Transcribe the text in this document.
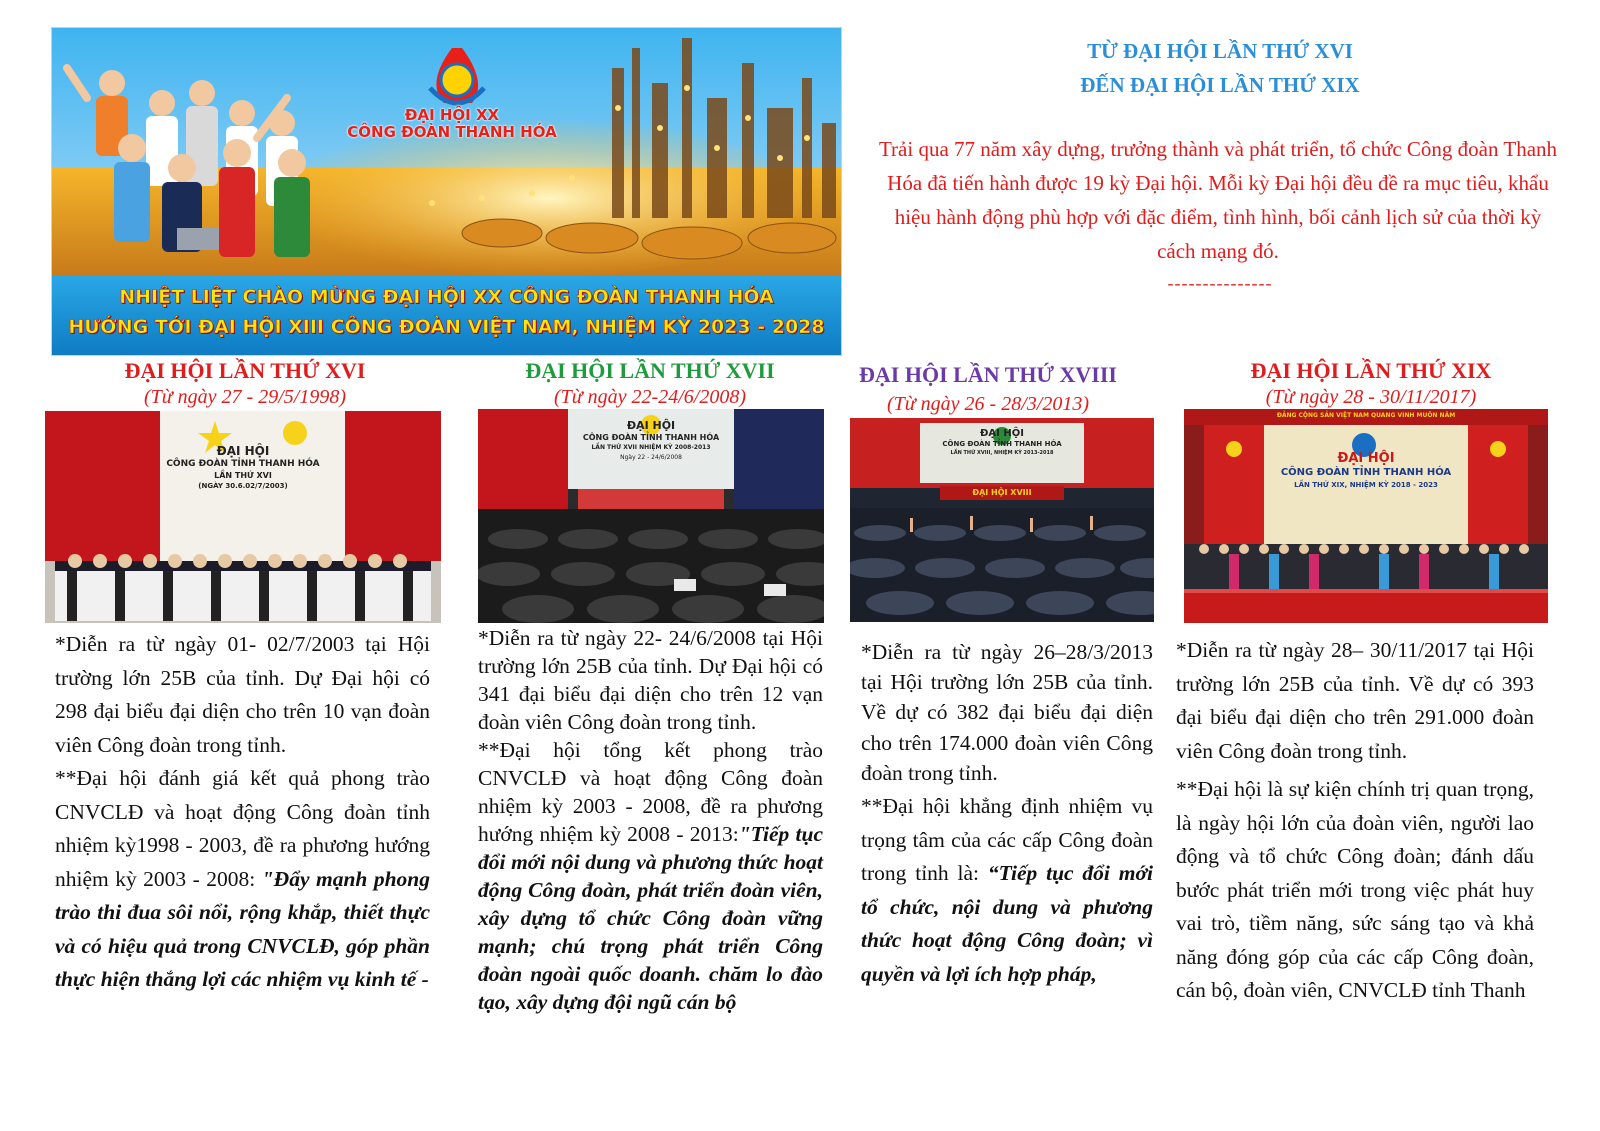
ĐẠI HỘI XX
CÔNG ĐOÀN THANH HÓA
NHIỆT LIỆT CHÀO MỪNG ĐẠI HỘI XX CÔNG ĐOÀN THANH HÓA
HƯỚNG TỚI ĐẠI HỘI XIII CÔNG ĐOÀN VIỆT NAM, NHIỆM KỲ 2023 - 2028
TỪ ĐẠI HỘI LẦN THỨ XVI
ĐẾN ĐẠI HỘI LẦN THỨ XIX
Trải qua 77 năm xây dựng, trưởng thành và phát triển, tổ chức Công đoàn Thanh Hóa đã tiến hành được 19 kỳ Đại hội. Mỗi kỳ Đại hội đều đề ra mục tiêu, khẩu hiệu hành động phù hợp với đặc điểm, tình hình, bối cảnh lịch sử của thời kỳ cách mạng đó.
---------------
ĐẠI HỘI LẦN THỨ XVI
(Từ ngày 27 - 29/5/1998)
ĐẠI HỘI
CÔNG ĐOÀN TỈNH THANH HÓA
LẦN THỨ XVI
(NGÀY 30.6.02/7/2003)

*Diễn ra từ ngày 01- 02/7/2003 tại Hội trường lớn 25B của tỉnh. Dự Đại hội có 298 đại biểu đại diện cho trên 10 vạn đoàn viên Công đoàn trong tỉnh.

**Đại hội đánh giá kết quả phong trào CNVCLĐ và hoạt động Công đoàn tỉnh nhiệm kỳ1998 - 2003, đề ra phương hướng nhiệm kỳ 2003 - 2008: "Đẩy mạnh phong trào thi đua sôi nổi, rộng khắp, thiết thực và có hiệu quả trong CNVCLĐ, góp phần thực hiện thắng lợi các nhiệm vụ kinh tế -

ĐẠI HỘI LẦN THỨ XVII
(Từ ngày 22-24/6/2008)
ĐẠI HỘI
CÔNG ĐOÀN TỈNH THANH HÓA
LẦN THỨ XVII NHIỆM KỲ 2008-2013
Ngày 22 - 24/6/2008

*Diễn ra từ ngày 22- 24/6/2008 tại Hội trường lớn 25B của tỉnh. Dự Đại hội có 341 đại biểu đại diện cho trên 12 vạn đoàn viên Công đoàn trong tỉnh.

**Đại hội tổng kết phong trào CNVCLĐ và hoạt động Công đoàn nhiệm kỳ 2003 - 2008, đề ra phương hướng nhiệm kỳ 2008 - 2013:"Tiếp tục đổi mới nội dung và phương thức hoạt động Công đoàn, phát triển đoàn viên, xây dựng tổ chức Công đoàn vững mạnh; chú trọng phát triển Công đoàn ngoài quốc doanh. chăm lo đào tạo, xây dựng đội ngũ cán bộ

ĐẠI HỘI LẦN THỨ XVIII
(Từ ngày 26 - 28/3/2013)
ĐẠI HỘI
CÔNG ĐOÀN TỈNH THANH HÓA
LẦN THỨ XVIII, NHIỆM KỲ 2013-2018
ĐẠI HỘI XVIII

*Diễn ra từ ngày 26–28/3/2013 tại Hội trường lớn 25B của tỉnh. Về dự có 382 đại biểu đại diện cho trên 174.000 đoàn viên Công đoàn trong tỉnh.

**Đại hội khẳng định nhiệm vụ trọng tâm của các cấp Công đoàn trong tỉnh là: “Tiếp tục đổi mới tổ chức, nội dung và phương thức hoạt động Công đoàn; vì quyền và lợi ích hợp pháp,

ĐẠI HỘI LẦN THỨ XIX
(Từ ngày 28 - 30/11/2017)
ĐẢNG CỘNG SẢN VIỆT NAM QUANG VINH MUÔN NĂM
ĐẠI HỘI
CÔNG ĐOÀN TỈNH THANH HÓA
LẦN THỨ XIX, NHIỆM KỲ 2018 - 2023

*Diễn ra từ ngày 28– 30/11/2017 tại Hội trường lớn 25B của tỉnh. Về dự có 393 đại biểu đại diện cho trên 291.000 đoàn viên Công đoàn trong tỉnh.

**Đại hội là sự kiện chính trị quan trọng, là ngày hội lớn của đoàn viên, người lao động và tổ chức Công đoàn; đánh dấu bước phát triển mới trong việc phát huy vai trò, tiềm năng, sức sáng tạo và khả năng đóng góp của các cấp Công đoàn, cán bộ, đoàn viên, CNVCLĐ tỉnh Thanh
